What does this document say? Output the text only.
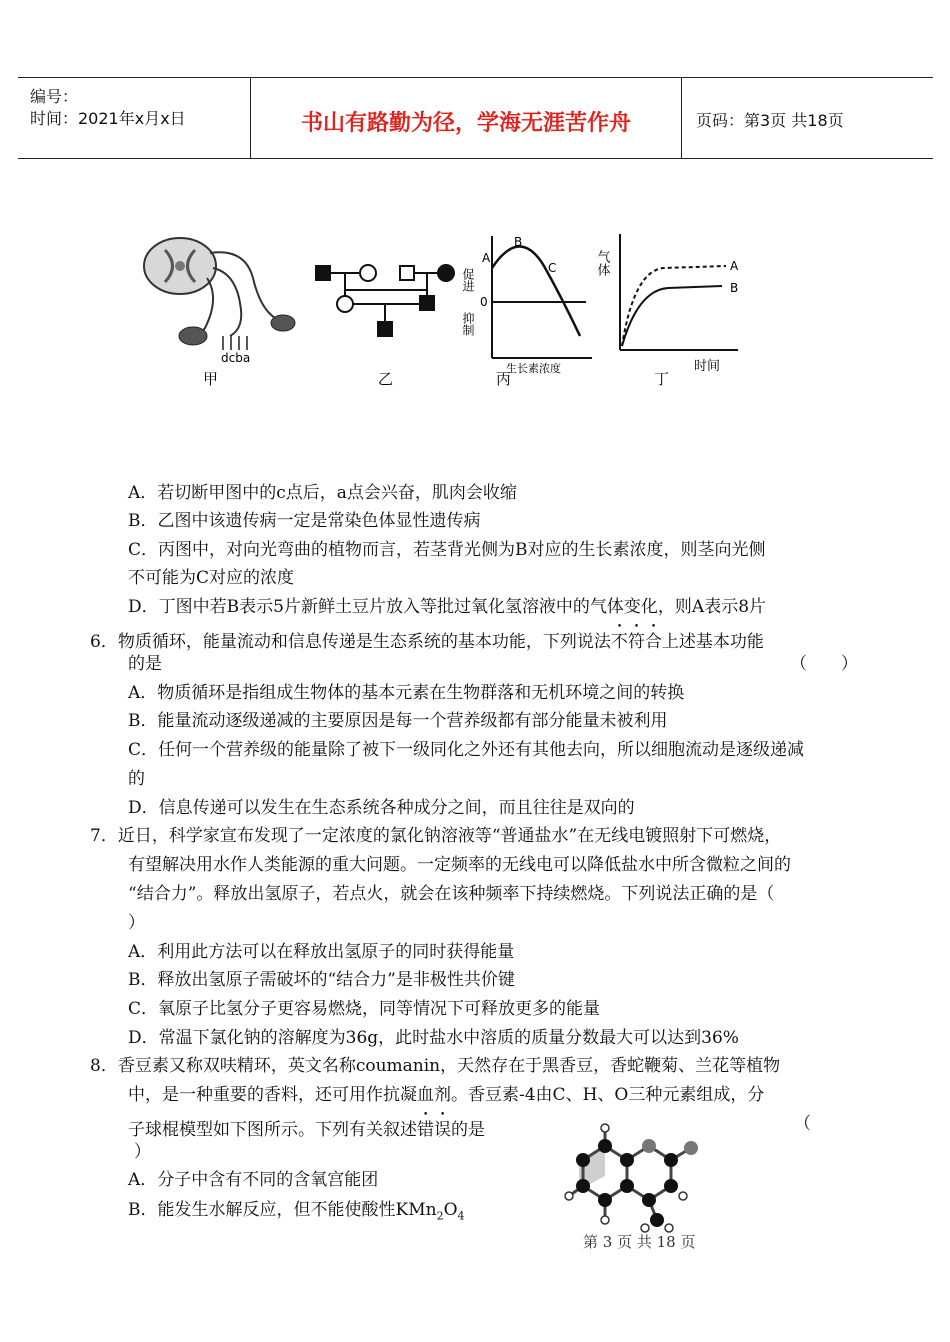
编号：
时间：2021年x月x日	书山有路勤为径，学海无涯苦作舟	页码：第3页 共18页
dcba
甲	乙
促进
0
抑制
A
B
C
生长素浓度
丙
气体	A
B
时间
丁
A．若切断甲图中的c点后，a点会兴奋，肌肉会收缩
B．乙图中该遗传病一定是常染色体显性遗传病
C．丙图中，对向光弯曲的植物而言，若茎背光侧为B对应的生长素浓度，则茎向光侧
不可能为C对应的浓度
D．丁图中若B表示5片新鲜土豆片放入等批过氧化氢溶液中的气体变化，则A表示8片
6．物质循环，能量流动和信息传递是生态系统的基本功能，下列说法不符合上述基本功能
的是	（　　）
A．物质循环是指组成生物体的基本元素在生物群落和无机环境之间的转换
B．能量流动逐级递减的主要原因是每一个营养级都有部分能量未被利用
C．任何一个营养级的能量除了被下一级同化之外还有其他去向，所以细胞流动是逐级递减
的
D．信息传递可以发生在生态系统各种成分之间，而且往往是双向的
7．近日，科学家宣布发现了一定浓度的氯化钠溶液等“普通盐水”在无线电镀照射下可燃烧，
有望解决用水作人类能源的重大问题。一定频率的无线电可以降低盐水中所含微粒之间的
“结合力”。释放出氢原子，若点火，就会在该种频率下持续燃烧。下列说法正确的是（
）
A．利用此方法可以在释放出氢原子的同时获得能量
B．释放出氢原子需破坏的“结合力”是非极性共价键
C．氧原子比氢分子更容易燃烧，同等情况下可释放更多的能量
D．常温下氯化钠的溶解度为36g，此时盐水中溶质的质量分数最大可以达到36%
8．香豆素又称双呋精环，英文名称coumanin，天然存在于黑香豆，香蛇鞭菊、兰花等植物
中，是一种重要的香料，还可用作抗凝血剂。香豆素-4由C、H、O三种元素组成，分
子球棍模型如下图所示。下列有关叙述错误的是	（
）
A．分子中含有不同的含氧宫能团
B．能发生水解反应，但不能使酸性$KMn_2O_4$
第 3 页 共 18 页
